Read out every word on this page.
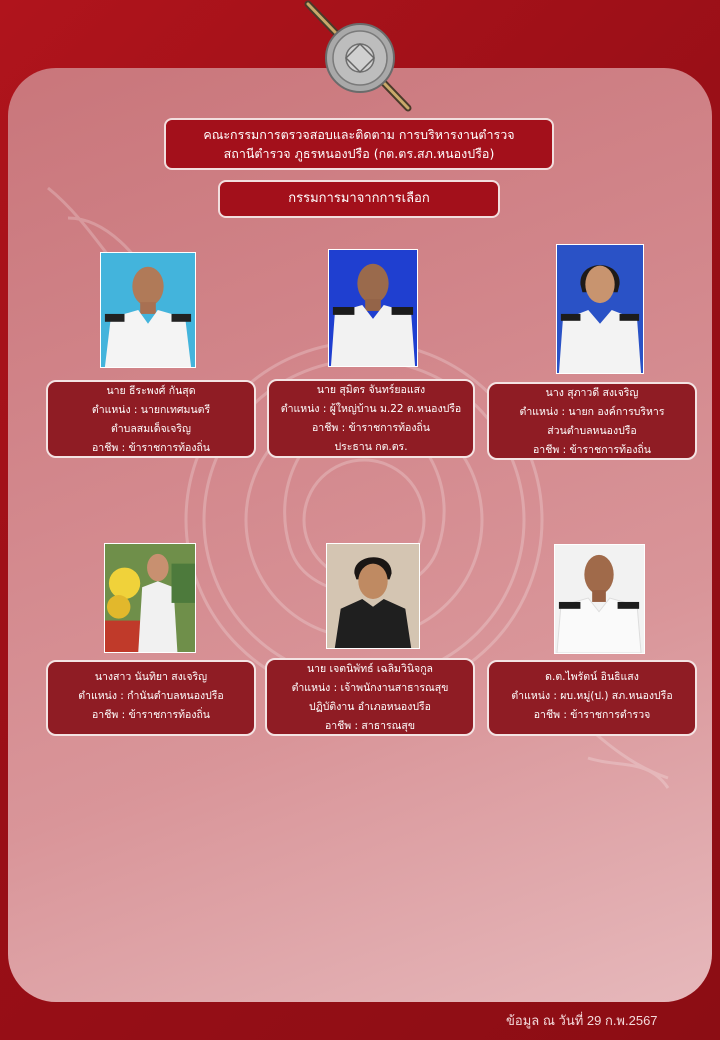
คณะกรรมการตรวจสอบและติดตาม การบริหารงานตำรวจ
สถานีตำรวจ ภูธรหนองปรือ (กต.ตร.สภ.หนองปรือ)
กรรมการมาจากการเลือก
นาย ธีระพงศ์ กันสุด
ตำแหน่ง : นายกเทศมนตรี
ตำบลสมเด็จเจริญ
อาชีพ : ข้าราชการท้องถิ่น
นาย สุมิตร จันทร์ยอแสง
ตำแหน่ง : ผู้ใหญ่บ้าน ม.22 ต.หนองปรือ
อาชีพ : ข้าราชการท้องถิ่น
ประธาน กต.ตร.
นาง สุภาวดี สงเจริญ
ตำแหน่ง : นายก องค์การบริหาร
ส่วนตำบลหนองปรือ
อาชีพ : ข้าราชการท้องถิ่น
นางสาว นันทิยา สงเจริญ
ตำแหน่ง : กำนันตำบลหนองปรือ
อาชีพ : ข้าราชการท้องถิ่น
นาย เจตนิพัทธ์ เฉลิมวินิจกูล
ตำแหน่ง : เจ้าพนักงานสาธารณสุข
ปฏิบัติงาน อำเภอหนองปรือ
อาชีพ : สาธารณสุข
ด.ต.ไพรัตน์ อินธิแสง
ตำแหน่ง : ผบ.หมู่(ป.) สภ.หนองปรือ
อาชีพ : ข้าราชการตำรวจ
ข้อมูล ณ วันที่ 29 ก.พ.2567
